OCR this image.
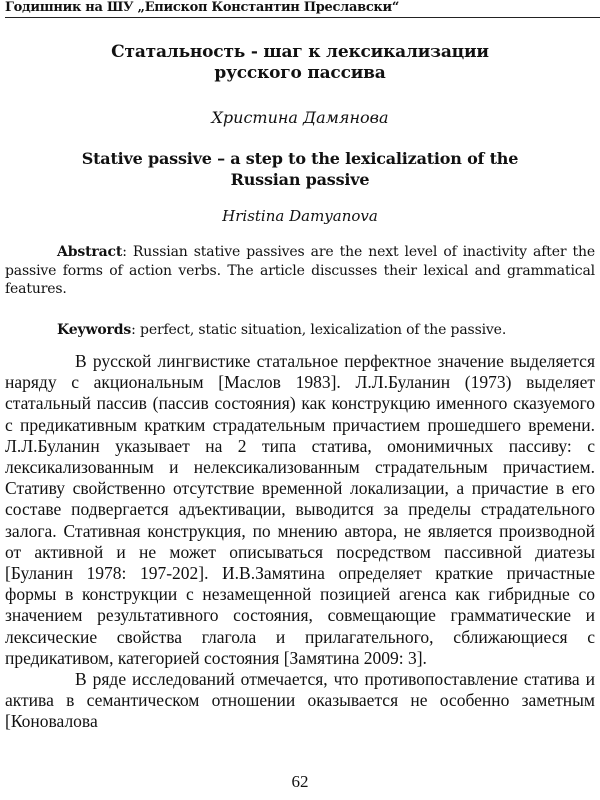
Годишник на ШУ „Епископ Константин Преславски“
Статальность - шаг к лексикализации
русского пассива
Христина Дамянова
Stative passive – a step to the lexicalization of the
Russian passive
Hristina Damyanova
Abstract: Russian stative passives are the next level of inactivity after the passive forms of action verbs. The article discusses their lexical and grammatical features.
Keywords: perfect, static situation, lexicalization of the passive.

В русской лингвистике статальное перфектное значение выделяется наряду с акциональным [Маслов 1983]. Л.Л.Буланин (1973) выделяет статальный пассив (пассив состояния) как конструкцию именного сказуемого с предикативным кратким страдательным причастием прошедшего времени. Л.Л.Буланин указывает на 2 типа статива, омонимичных пассиву: с лексикализованным и нелексикализованным страдательным причастием. Стативу свойственно отсутствие временной локализации, а причастие в его составе подвергается адъективации, выводится за пределы страдательного залога. Стативная конструкция, по мнению автора, не является производной от активной и не может описываться посредством пассивной диатезы [Буланин 1978: 197-202]. И.В.Замятина определяет краткие причастные формы в конструкции с незамещенной позицией агенса как гибридные со значением результативного состояния, совмещающие грамматические и лексические свойства глагола и прилагательного, сближающиеся с предикативом, категорией состояния [Замятина 2009: 3].

В ряде исследований отмечается, что противопоставление статива и актива в семантическом отношении оказывается не особенно заметным [Коновалова

62
